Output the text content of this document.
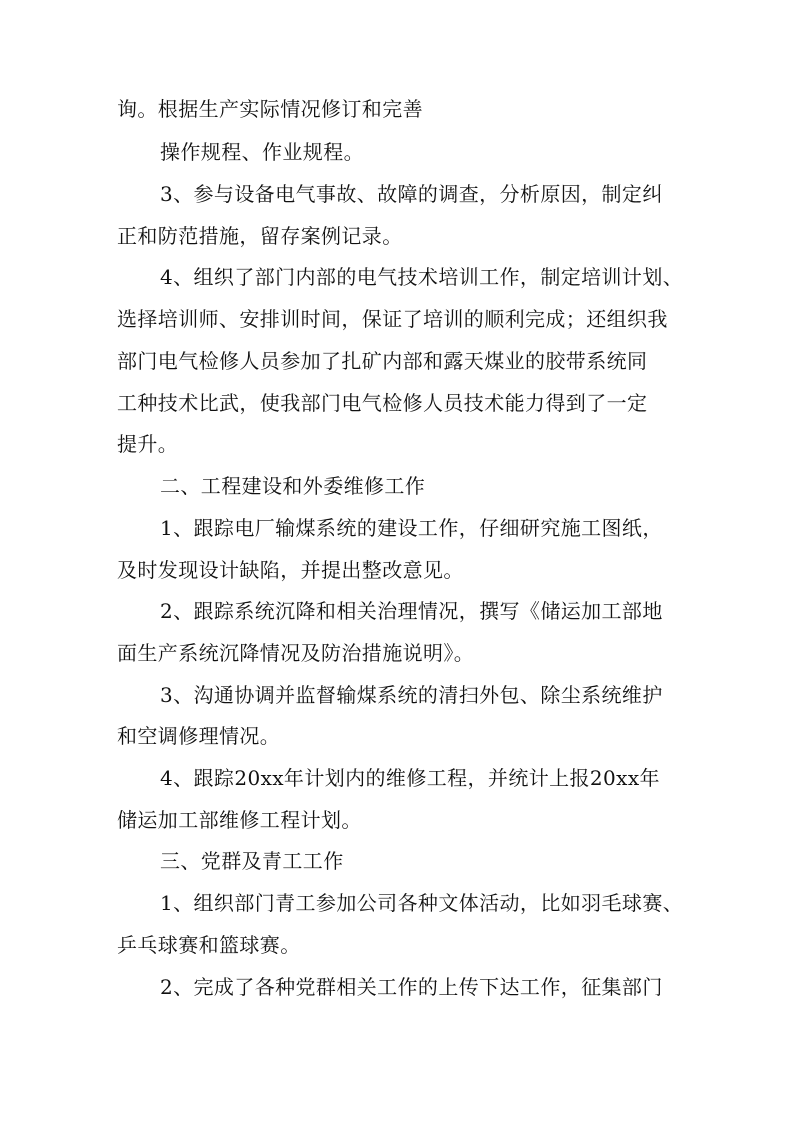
询。根据生产实际情况修订和完善
操作规程、作业规程。
3、参与设备电气事故、故障的调查，分析原因，制定纠
正和防范措施，留存案例记录。
4、组织了部门内部的电气技术培训工作，制定培训计划、
选择培训师、安排训时间，保证了培训的顺利完成；还组织我
部门电气检修人员参加了扎矿内部和露天煤业的胶带系统同
工种技术比武，使我部门电气检修人员技术能力得到了一定
提升。
二、工程建设和外委维修工作
1、跟踪电厂输煤系统的建设工作，仔细研究施工图纸，
及时发现设计缺陷，并提出整改意见。
2、跟踪系统沉降和相关治理情况，撰写《储运加工部地
面生产系统沉降情况及防治措施说明》。
3、沟通协调并监督输煤系统的清扫外包、除尘系统维护
和空调修理情况。
4、跟踪20xx年计划内的维修工程，并统计上报20xx年
储运加工部维修工程计划。
三、党群及青工工作
1、组织部门青工参加公司各种文体活动，比如羽毛球赛、
乒乓球赛和篮球赛。
2、完成了各种党群相关工作的上传下达工作，征集部门
